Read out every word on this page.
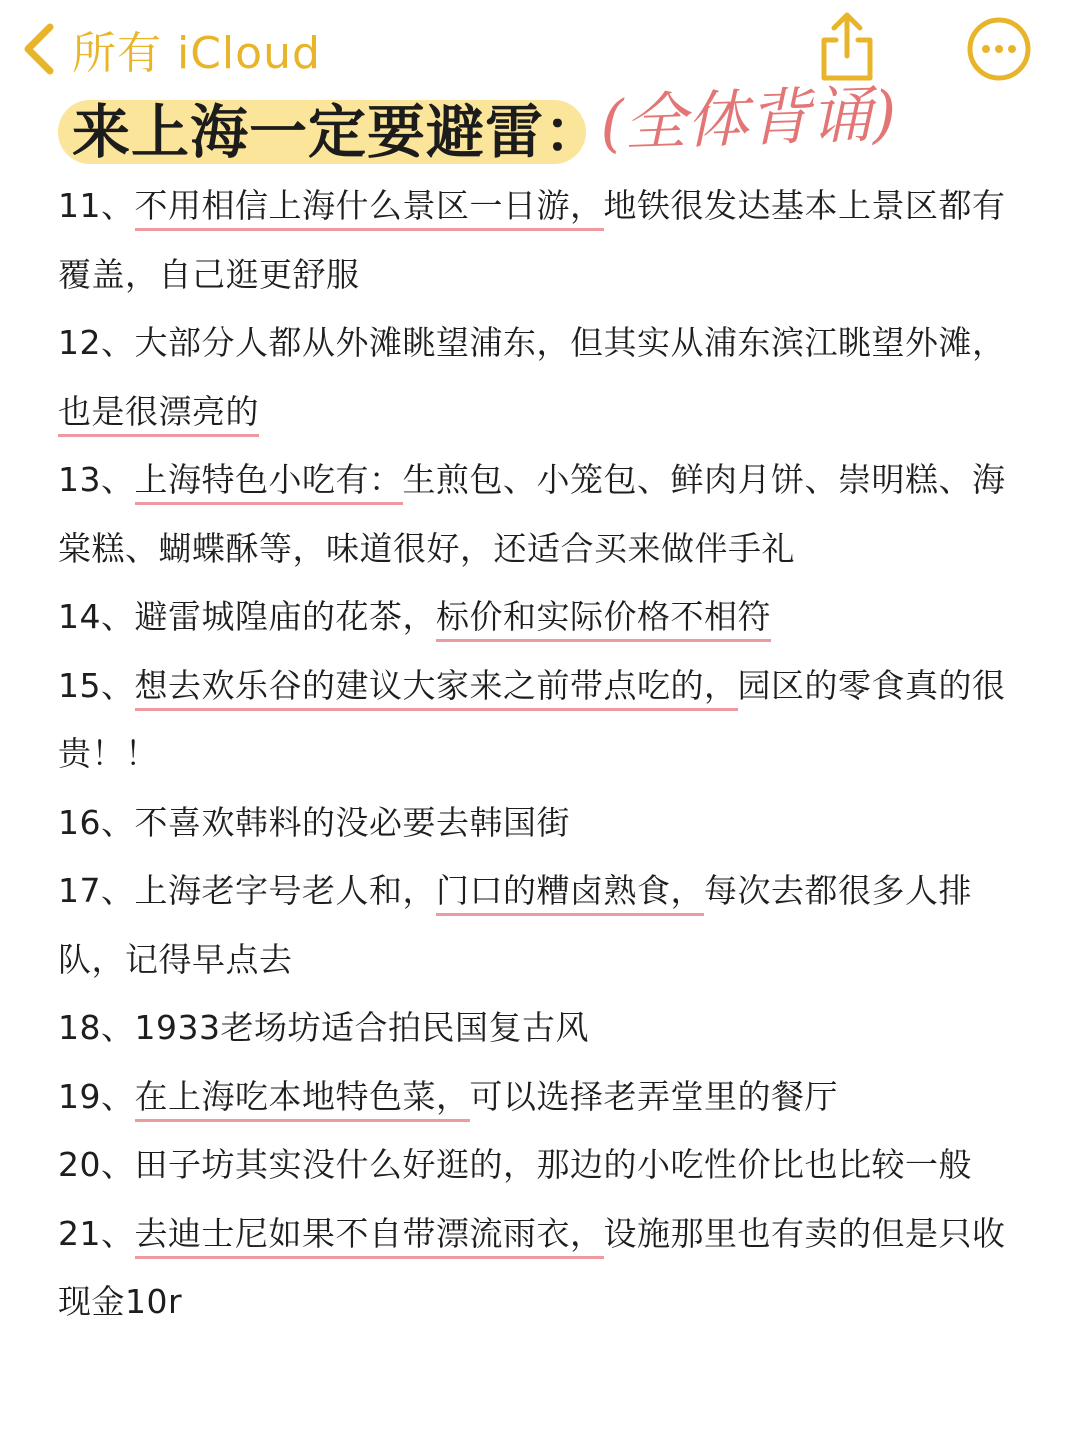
所有 iCloud
来上海一定要避雷：
(全体背诵)
11、不用相信上海什么景区一日游，地铁很发达基本上景区都有覆盖，自己逛更舒服
12、大部分人都从外滩眺望浦东，但其实从浦东滨江眺望外滩，也是很漂亮的
13、上海特色小吃有：生煎包、小笼包、鲜肉月饼、崇明糕、海棠糕、蝴蝶酥等，味道很好，还适合买来做伴手礼
14、避雷城隍庙的花茶，标价和实际价格不相符
15、想去欢乐谷的建议大家来之前带点吃的，园区的零食真的很贵！！
16、不喜欢韩料的没必要去韩国街
17、上海老字号老人和，门口的糟卤熟食，每次去都很多人排队，记得早点去
18、1933老场坊适合拍民国复古风
19、在上海吃本地特色菜，可以选择老弄堂里的餐厅
20、田子坊其实没什么好逛的，那边的小吃性价比也比较一般
21、去迪士尼如果不自带漂流雨衣，设施那里也有卖的但是只收现金10r
